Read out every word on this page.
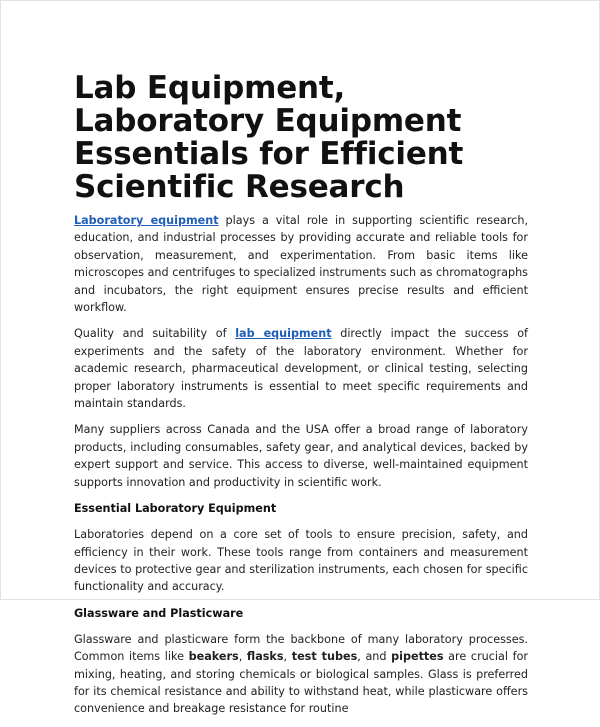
Lab Equipment, Laboratory Equipment Essentials for Efficient Scientific Research

Laboratory equipment plays a vital role in supporting scientific research, education, and industrial processes by providing accurate and reliable tools for observation, measurement, and experimentation. From basic items like microscopes and centrifuges to specialized instruments such as chromatographs and incubators, the right equipment ensures precise results and efficient workflow.

Quality and suitability of lab equipment directly impact the success of experiments and the safety of the laboratory environment. Whether for academic research, pharmaceutical development, or clinical testing, selecting proper laboratory instruments is essential to meet specific requirements and maintain standards.

Many suppliers across Canada and the USA offer a broad range of laboratory products, including consumables, safety gear, and analytical devices, backed by expert support and service. This access to diverse, well-maintained equipment supports innovation and productivity in scientific work.

Essential Laboratory Equipment

Laboratories depend on a core set of tools to ensure precision, safety, and efficiency in their work. These tools range from containers and measurement devices to protective gear and sterilization instruments, each chosen for specific functionality and accuracy.

Glassware and Plasticware

Glassware and plasticware form the backbone of many laboratory processes. Common items like beakers, flasks, test tubes, and pipettes are crucial for mixing, heating, and storing chemicals or biological samples. Glass is preferred for its chemical resistance and ability to withstand heat, while plasticware offers convenience and breakage resistance for routine
